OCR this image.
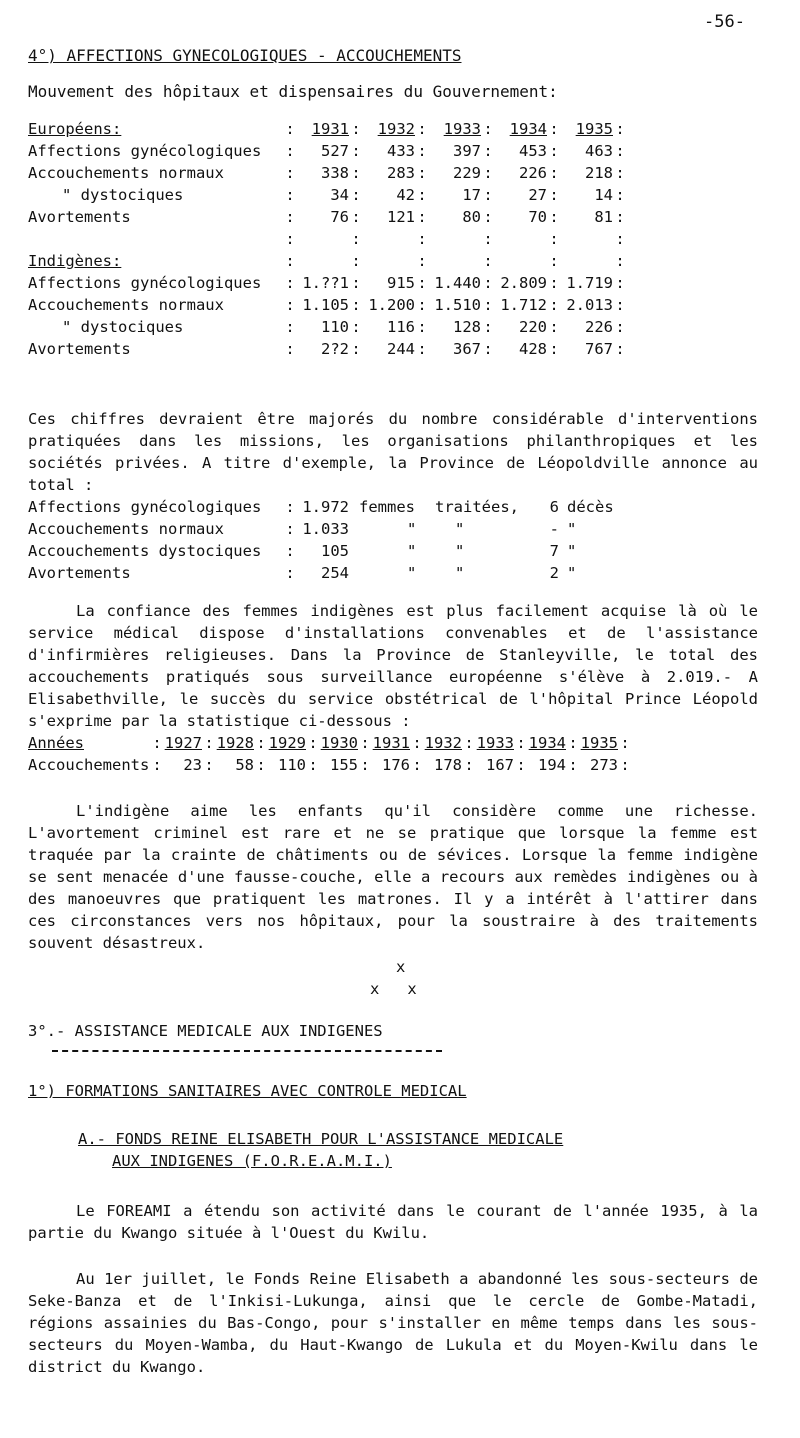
-56-
4°) AFFECTIONS GYNECOLOGIQUES - ACCOUCHEMENTS
Mouvement des hôpitaux et dispensaires du Gouvernement:
Européens:	:	1931	:	1932	:	1933	:	1934	:	1935	:
Affections gynécologiques	:	527	:	433	:	397	:	453	:	463	:
Accouchements normaux	:	338	:	283	:	229	:	226	:	218	:
" dystociques	:	34	:	42	:	17	:	27	:	14	:
Avortements	:	76	:	121	:	80	:	70	:	81	:
	:		:		:		:		:		:
Indigènes:	:		:		:		:		:		:
Affections gynécologiques	:	1.??1	:	915	:	1.440	:	2.809	:	1.719	:
Accouchements normaux	:	1.105	:	1.200	:	1.510	:	1.712	:	2.013	:
" dystociques	:	110	:	116	:	128	:	220	:	226	:
Avortements	:	2?2	:	244	:	367	:	428	:	767	:

Ces chiffres devraient être majorés du nombre considérable d'interventions pratiquées dans les missions, les organisations philanthropiques et les sociétés privées. A titre d'exemple, la Province de Léopoldville annonce au total :

Affections gynécologiques	:	1.972	femmes	traitées,	6	décès
Accouchements normaux	:	1.033	"	"	-	"
Accouchements dystociques	:	105	"	"	7	"
Avortements	:	254	"	"	2	"

La confiance des femmes indigènes est plus facilement acquise là où le service médical dispose d'installations convenables et de l'assistance d'infirmières religieuses. Dans la Province de Stanleyville, le total des accouchements pratiqués sous surveillance européenne s'élève à 2.019.- A Elisabethville, le succès du service obstétrical de l'hôpital Prince Léopold s'exprime par la statistique ci-dessous :

Années	:	1927	:	1928	:	1929	:	1930	:	1931	:	1932	:	1933	:	1934	:	1935	:
Accouchements	:	23	:	58	:	110	:	155	:	176	:	178	:	167	:	194	:	273	:

L'indigène aime les enfants qu'il considère comme une richesse. L'avortement criminel est rare et ne se pratique que lorsque la femme est traquée par la crainte de châtiments ou de sévices. Lorsque la femme indigène se sent menacée d'une fausse-couche, elle a recours aux remèdes indigènes ou à des manoeuvres que pratiquent les matrones. Il y a intérêt à l'attirer dans ces circonstances vers nos hôpitaux, pour la soustraire à des traitements souvent désastreux.

x
x   x
3°.- ASSISTANCE MEDICALE AUX INDIGENES
1°) FORMATIONS SANITAIRES AVEC CONTROLE MEDICAL
A.- FONDS REINE ELISABETH POUR L'ASSISTANCE MEDICALE
AUX INDIGENES (F.O.R.E.A.M.I.)

Le FOREAMI a étendu son activité dans le courant de l'année 1935, à la partie du Kwango située à l'Ouest du Kwilu.

Au 1er juillet, le Fonds Reine Elisabeth a abandonné les sous-secteurs de Seke-Banza et de l'Inkisi-Lukunga, ainsi que le cercle de Gombe-Matadi, régions assainies du Bas-Congo, pour s'installer en même temps dans les sous-secteurs du Moyen-Wamba, du Haut-Kwango de Lukula et du Moyen-Kwilu dans le district du Kwango.
